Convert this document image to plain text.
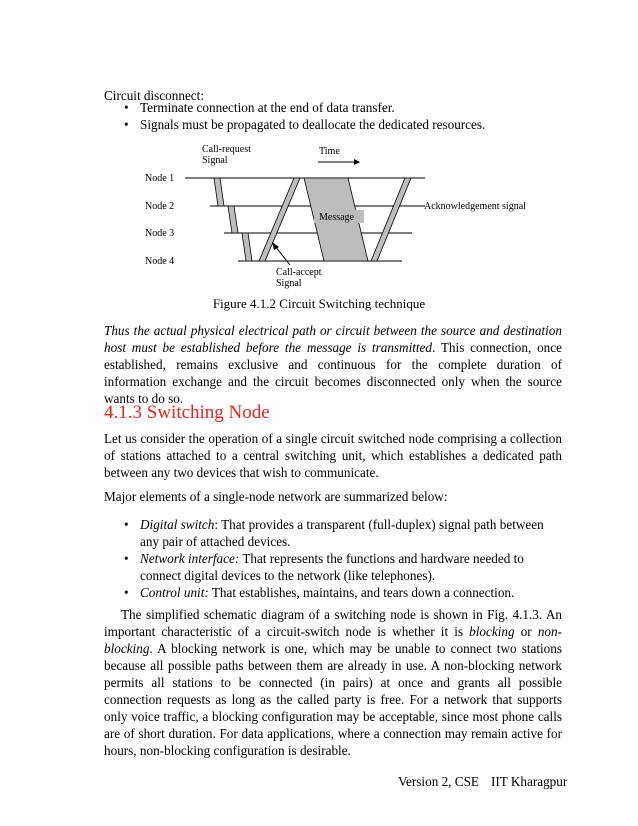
Circuit disconnect:
• Terminate connection at the end of data transfer.
• Signals must be propagated to deallocate the dedicated resources.
Call-request
Signal
Time
Node 1
Node 2
Node 3
Node 4
Message
Acknowledgement signal
Call-accept
Signal
Figure 4.1.2 Circuit Switching technique
Thus the actual physical electrical path or circuit between the source and destination host must be established before the message is transmitted. This connection, once established, remains exclusive and continuous for the complete duration of information exchange and the circuit becomes disconnected only when the source wants to do so.
4.1.3 Switching Node
Let us consider the operation of a single circuit switched node comprising a collection of stations attached to a central switching unit, which establishes a dedicated path between any two devices that wish to communicate.
Major elements of a single-node network are summarized below:
• Digital switch: That provides a transparent (full-duplex) signal path between any pair of attached devices.
• Network interface: That represents the functions and hardware needed to connect digital devices to the network (like telephones).
• Control unit: That establishes, maintains, and tears down a connection.
The simplified schematic diagram of a switching node is shown in Fig. 4.1.3. An important characteristic of a circuit-switch node is whether it is blocking or non-blocking. A blocking network is one, which may be unable to connect two stations because all possible paths between them are already in use. A non-blocking network permits all stations to be connected (in pairs) at once and grants all possible connection requests as long as the called party is free. For a network that supports only voice traffic, a blocking configuration may be acceptable, since most phone calls are of short duration. For data applications, where a connection may remain active for hours, non-blocking configuration is desirable.
Version 2, CSE IIT Kharagpur
